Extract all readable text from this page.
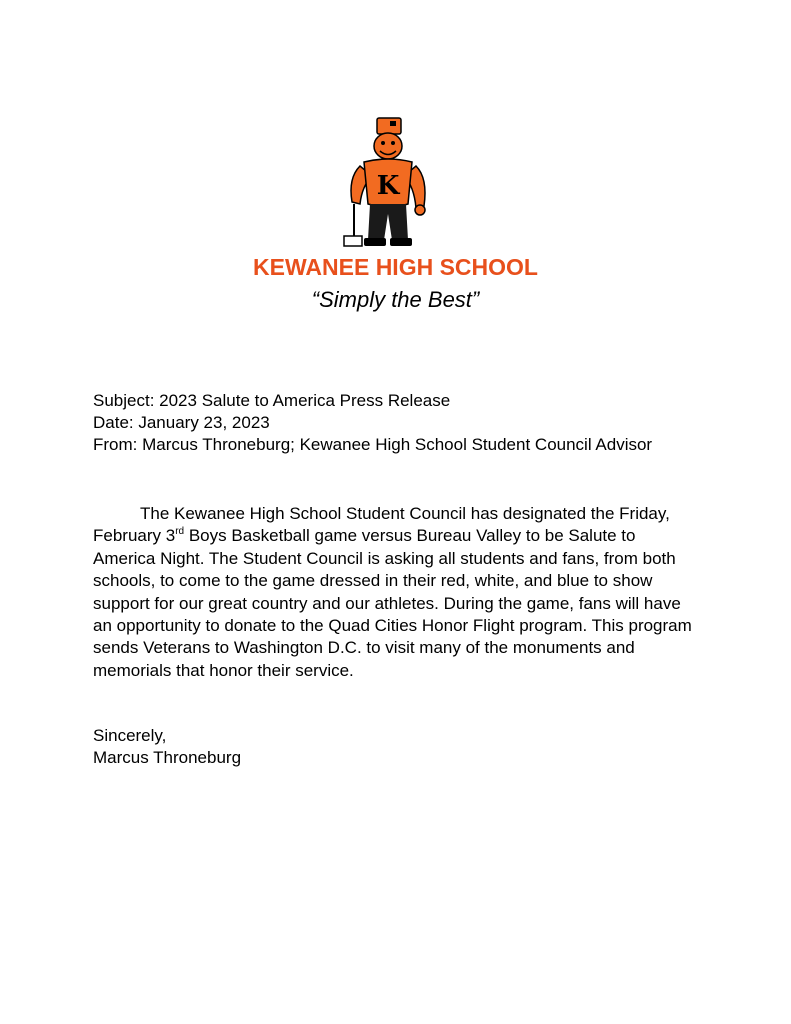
K
KEWANEE HIGH SCHOOL
“Simply the Best”
Subject: 2023 Salute to America Press Release
Date: January 23, 2023
From: Marcus Throneburg; Kewanee High School Student Council Advisor
The Kewanee High School Student Council has designated the Friday, February 3rd Boys Basketball game versus Bureau Valley to be Salute to America Night. The Student Council is asking all students and fans, from both schools, to come to the game dressed in their red, white, and blue to show support for our great country and our athletes. During the game, fans will have an opportunity to donate to the Quad Cities Honor Flight program. This program sends Veterans to Washington D.C. to visit many of the monuments and memorials that honor their service.
Sincerely,
Marcus Throneburg
